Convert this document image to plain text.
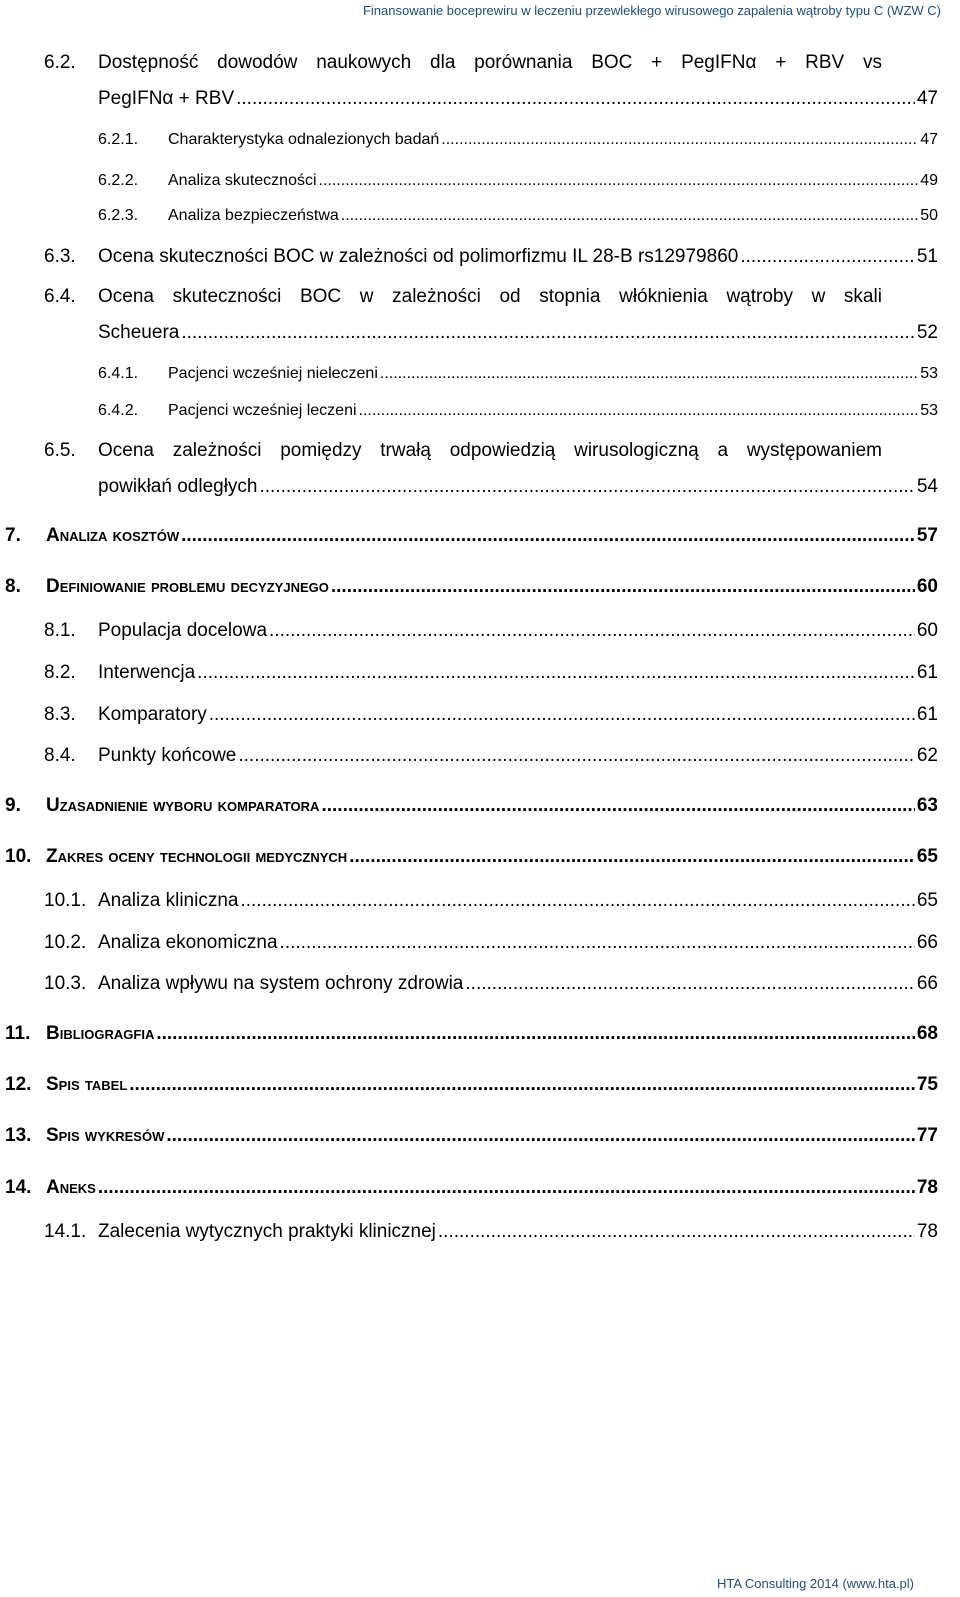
Finansowanie boceprewiru w leczeniu przewlekłego wirusowego zapalenia wątroby typu C (WZW C)
6.2.	Dostępność dowodów naukowych dla porównania BOC + PegIFNα + RBV vs
PegIFNα + RBV .....	47
6.2.1.	Charakterystyka odnalezionych badań .....	47
6.2.2.	Analiza skuteczności .....	49
6.2.3.	Analiza bezpieczeństwa .....	50
6.3.	Ocena skuteczności BOC w zależności od polimorfizmu IL 28-B rs12979860 .....	51
6.4.	Ocena skuteczności BOC w zależności od stopnia włóknienia wątroby w skali
Scheuera .....	52
6.4.1.	Pacjenci wcześniej nieleczeni .....	53
6.4.2.	Pacjenci wcześniej leczeni .....	53
6.5.	Ocena zależności pomiędzy trwałą odpowiedzią wirusologiczną a występowaniem
powikłań odległych .....	54
7.	Analiza kosztów .....	57
8.	Definiowanie problemu decyzyjnego .....	60
8.1.	Populacja docelowa .....	60
8.2.	Interwencja .....	61
8.3.	Komparatory .....	61
8.4.	Punkty końcowe .....	62
9.	Uzasadnienie wyboru komparatora .....	63
10. Zakres oceny technologii medycznych .....	65
10.1. Analiza kliniczna .....	65
10.2. Analiza ekonomiczna .....	66
10.3. Analiza wpływu na system ochrony zdrowia .....	66
11. Bibliogragfia .....	68
12. Spis tabel .....	75
13. Spis wykresów .....	77
14. Aneks .....	78
14.1. Zalecenia wytycznych praktyki klinicznej .....	78
HTA Consulting 2014 (www.hta.pl)
